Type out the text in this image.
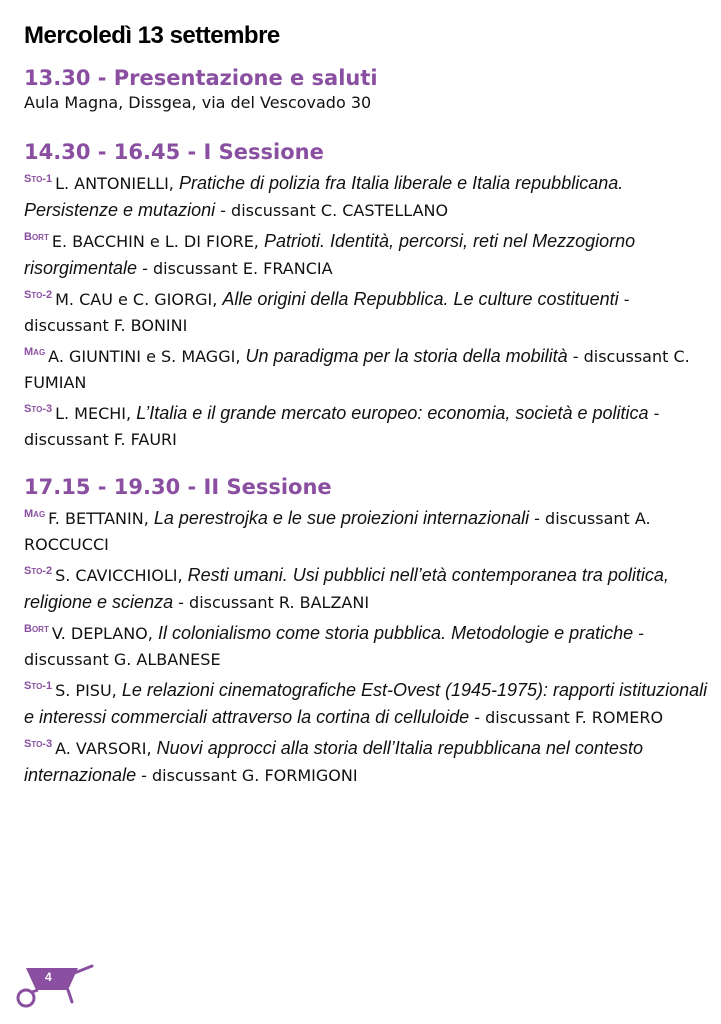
Mercoledì 13 settembre
13.30 - Presentazione e saluti

Aula Magna, Dissgea, via del Vescovado 30

14.30 - 16.45 - I Sessione

$^{Sto-1}$ L. ANTONIELLI, Pratiche di polizia fra Italia liberale e Italia repubblicana. Persistenze e mutazioni - discussant C. CASTELLANO

$^{Bort}$ E. BACCHIN e L. DI FIORE, Patrioti. Identità, percorsi, reti nel Mezzogiorno risorgimentale - discussant E. FRANCIA

$^{Sto-2}$ M. CAU e C. GIORGI, Alle origini della Repubblica. Le culture costituenti - discussant F. BONINI

$^{Mag}$ A. GIUNTINI e S. MAGGI, Un paradigma per la storia della mobilità - discussant C. FUMIAN

$^{Sto-3}$ L. MECHI, L’Italia e il grande mercato europeo: economia, società e politica - discussant F. FAURI

17.15 - 19.30 - II Sessione

$^{Mag}$ F. BETTANIN, La perestrojka e le sue proiezioni internazionali - discussant A. ROCCUCCI

$^{Sto-2}$ S. CAVICCHIOLI, Resti umani. Usi pubblici nell’età contemporanea tra politica, religione e scienza - discussant R. BALZANI

$^{Bort}$ V. DEPLANO, Il colonialismo come storia pubblica. Metodologie e pratiche - discussant G. ALBANESE

$^{Sto-1}$ S. PISU, Le relazioni cinematografiche Est-Ovest (1945-1975): rapporti istituzionali e interessi commerciali attraverso la cortina di celluloide - discussant F. ROMERO

$^{Sto-3}$ A. VARSORI, Nuovi approcci alla storia dell’Italia repubblicana nel contesto internazionale - discussant G. FORMIGONI

4
